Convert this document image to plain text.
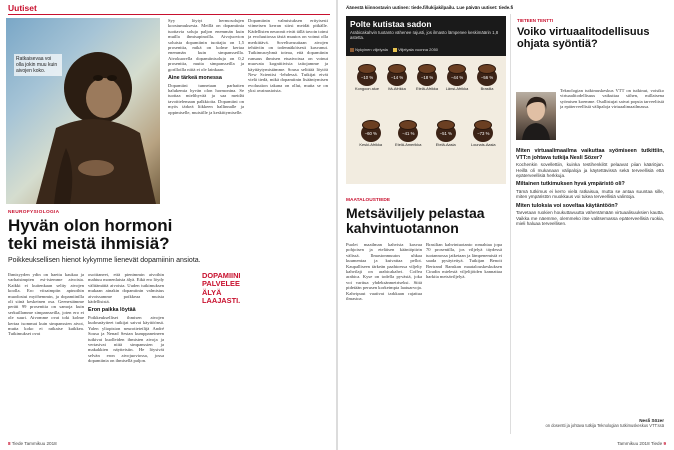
Uutiset
Ratkaisevaa voi olla jokin muu kuin aivojen koko.
NEUROFYSIOLOGIA
Hyvän olon hormoni teki meistä ihmisiä?
Poikkeuksellisen hienot kykymme lienevät dopamiinin ansiota.

Ihmisyyden ydin on haettu kaukaa ja varhaisimpien esi-isiemme aivoista. Kaikki ei kuitenkaan selity aivojen koolla. Ero viisaimpiin apinoihin muodostui myöhemmin, ja dopamiinilla oli siinä keskeinen osa. Geenestämme peräti 99 prosenttia on samoja kuin serkuillamme simpansseilla, joten ero ei ole suuri. Aivomme ovat toki kolme kertaa isommat kuin simpanssien aivot, mutta koko ei ratkaise kaikkea. Tutkimukset ovat

osoittaneet, että pienimmin aivoihin mahtuu monenlaista älyä. Eikä ero löydy välttämättä aivoista. Uuden tutkimuksen mukaan ainakin dopamiinin valmistus aivoissamme poikkeaa muista kädellisistä.

Eron paikka löytää

Poikkeukselliset ihmisen aivojen kudosnäytteet tutkijat saivat käyttöönsä. Yalen yliopiston neurotieteilijä André Sousa ja Nenad Sestan kumppaneineen tutkivat kuolleiden ihmisten aivoja ja vertasivat niitä simpanssien ja makakkien näytteisiin. He löysivät selvän eron aivojuoviossa, jossa dopamiinia on ihmisellä paljon.

Syy löytyi hermosolujen koostumuksesta. Meillä on dopamiinia tuottavia soluja paljon enemmän kuin muilla ihmisapinoilla. Aivojuovion soluista dopamiinin tuottajia on 1,5 prosenttia, mikä on kolme kertaa enemmän kuin simpansseilla. Aivokuorella dopamiinisoluja on 0,2 prosenttia, mutta simpansseilla ja gorilloilla niitä ei ole lainkaan.

Aine tärkeä monessa

Dopamiini tunnetaan parhaiten halukemia hyvän olon hormonina. Se tuottaa mielihyvää ja saa meidät tavoittelemaan palkkioita. Dopamiini on myös tärkeä liikkeen hallinnalle ja oppimiselle, muistille ja keskittymiselle.

Dopamiinin valmistuksen erityisesti viimeisen kerran siirsi meidät pitkälle. Kädellisten neuronit eivät tällä tavoin toimi ja evoluutiossa tästä muutos on voinut olla merkittävä. Soveltuvuuttaan aivojen tehtäviin on todennäköisesti kasvanut. Tutkimusryhmä toteaa, että dopamiinin runsaus ihmisen etuaivoissa on voinut muovata kognitiivisia taitojamme ja käyttäytymistämme. Sousa selittää löytöä New Scientist -lehdessä. Tutkijat eivät vielä tiedä, mikä dopamiinin lisääntymisen evoluution takana on ollut, mutta se on yksi avainasioista.

DOPAMIINI PALVELEE ÄLYÄ LAAJASTI.
8 Tiede Tammikuu 2018
Äänestä kiinnostavin uutinen: tiede.fi/lukijakilpailu. Lue päivän uutiset: tiede.fi
Polte kutistaa sadon
Arabicakahvin tuotanto vähenee rajusti, jos ilmasto lämpenee keskimäärin 1,8 astetta.
Nykyinen viljelyala	Viljelyala vuonna 2050
−10 %
Kongoon alue
−14 %
Itä-Afrikka
−18 %
Etelä-Afrikka
−44 %
Länsi-Afrikka
−56 %
Brasilia
−60 %
Keski-Afrikka
−41 %
Etelä-Amerikka
−51 %
Etelä-Aasia
−73 %
Lounais-Aasia
MAATALOUSTIEDE
Metsäviljely pelastaa kahvintuotannon

Puolet maailman kahvista kasvaa pohjoisen ja eteläisen kääntöpiirin välissä. Ilmastonmuutos uhkaa kuumentaa ja kuivattaa pellot. Kaupalliseen tärkeän paahtoessa viljelty kahvilaji on arabicakahvi. Coffea arabica. Kyse on todella pyvästä, joka voi varttua yhdeksänmetriseksi. Siitä pidetään perusen korkeimpia laatuarvoja. Kahvipuut vaativat tarkkaan rajattua ilmastoa.

Brasilian kahvintuotanto romahtaa jopa 70 prosentilla, jos viljelyä täydessä tuotannossa jatketaan ja lämpenemistä ei saada pysäytettyä. Tutkijan Benoit Bertrand Ranskan maatalouskeskuksen Ciradin mielestä viljelijöiden kannattaa harkita metsäviljelyä.

TIETEEN TENTTI
Voiko virtuaalitodellisuus ohjata syöntiä?

Teknologian tutkimuskeskus VTT on tutkinut, voisiko virtuaalitodellisuus vaikuttaa siihen, millaisena syömisen koemme. Osallistujat saivat popsia tarveeliisiä ja epäterveellisiä välipaloja virtuaalimaailmassa.

Miten virtuaalimaailma vaikuttaa syömiseen tutkittiin, VTT:n johtava tutkija Nesli Sözer?

Kochenkin sovellettiin, kuinka testihenkilöt pelaavat piian kääriöjan. Heillä oli mukanaan välipaloja ja käytettävissä sekä terveellisiä että epäterveellisiä herkkuja.

Miltainen tutkimuksen hyvä ympäristö oli?

Tämä tutkimus ei kerro vielä ratkaisua, mutta se antaa suuntaa sille, miten ympäristön muokkaus voi tukea terveellisiä valintoja.

Miten tuloksia voi soveltaa käytäntöön?

Tarvetaan ruokien houkuttavuutta vähentämään virtuaalisuuksien kautta. Vaikka me näemme, olemmeko itse valitsemassa epäterveellisiä ruokia, mieli haluaa terveellisen.

Nesli Sözer
on dosentti ja johtava tutkija Teknologian tutkimuskeskus VTT:ssä
Tammikuu 2018 Tiede 9
